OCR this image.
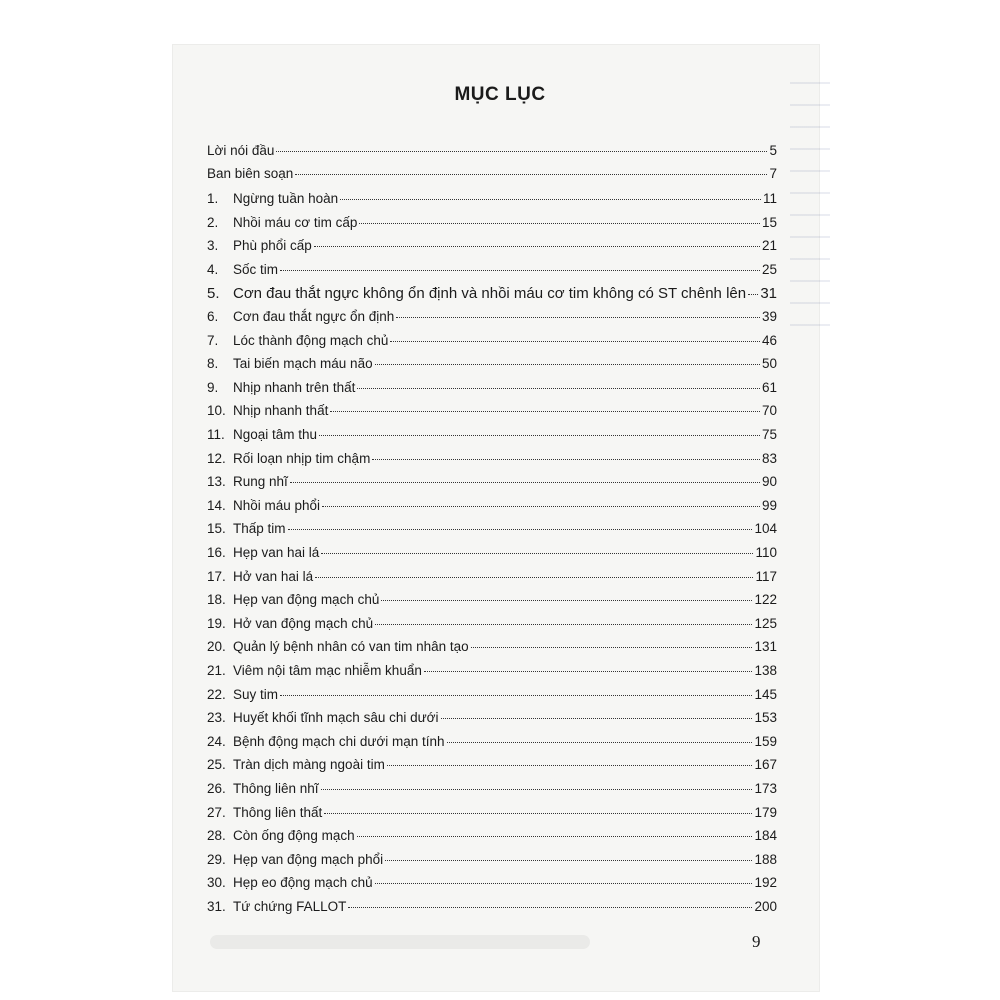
MỤC LỤC
Lời nói đầu	5
Ban biên soạn	7
1.	Ngừng tuần hoàn	11
2.	Nhồi máu cơ tim cấp	15
3.	Phù phổi cấp	21
4.	Sốc tim	25
5. Cơn đau thắt ngực không ổn định và nhồi máu cơ tim không có ST chênh lên 31
6.	Cơn đau thắt ngực ổn định	39
7.	Lóc thành động mạch chủ	46
8.	Tai biến mạch máu não	50
9.	Nhịp nhanh trên thất	61
10. Nhịp nhanh thất	70
11. Ngoại tâm thu	75
12. Rối loạn nhịp tim chậm	83
13. Rung nhĩ	90
14. Nhồi máu phổi	99
15. Thấp tim	104
16. Hẹp van hai lá	110
17. Hở van hai lá	117
18. Hẹp van động mạch chủ	122
19. Hở van động mạch chủ	125
20. Quản lý bệnh nhân có van tim nhân tạo	131
21. Viêm nội tâm mạc nhiễm khuẩn	138
22. Suy tim	145
23. Huyết khối tĩnh mạch sâu chi dưới	153
24. Bệnh động mạch chi dưới mạn tính	159
25. Tràn dịch màng ngoài tim	167
26. Thông liên nhĩ	173
27. Thông liên thất	179
28. Còn ống động mạch	184
29. Hẹp van động mạch phổi	188
30. Hẹp eo động mạch chủ	192
31. Tứ chứng FALLOT	200

9
